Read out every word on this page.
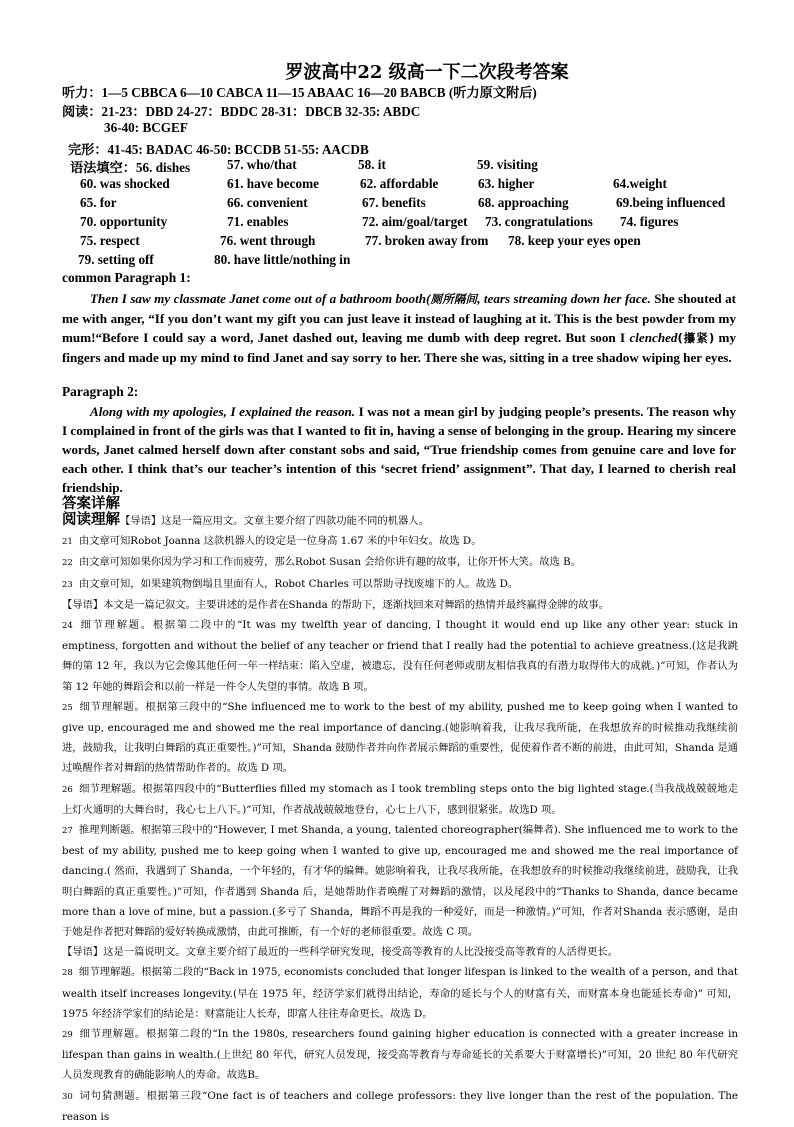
罗波高中22 级高一下二次段考答案
听力：1—5 CBBCA 6—10 CABCA 11—15 ABAAC 16—20 BABCB (听力原文附后)
阅读：21-23：DBD 24-27：BDDC 28-31：DBCB 32-35: ABDC
36-40: BCGEF
完形：41-45: BADAC 46-50: BCCDB 51-55: AACDB
语法填空：56. dishes	57. who/that	58. it	59. visiting
60. was shocked	61. have become	62. affordable	63. higher	64.weight
65. for	66. convenient	67. benefits	68. approaching	69.being influenced
70. opportunity	71. enables	72. aim/goal/target 73. congratulations 74. figures
75. respect	76. went through	77. broken away from 78. keep your eyes open
79. setting off	80. have little/nothing in
common Paragraph 1:

Then I saw my classmate Janet come out of a bathroom booth(厕所隔间, tears streaming down her face. She shouted at me with anger, “If you don’t want my gift you can just leave it instead of laughing at it. This is the best powder from my mum!“Before I could say a word, Janet dashed out, leaving me dumb with deep regret. But soon I clenched(攥紧) my fingers and made up my mind to find Janet and say sorry to her. There she was, sitting in a tree shadow wiping her eyes.

Paragraph 2:

Along with my apologies, I explained the reason. I was not a mean girl by judging people’s presents. The reason why I complained in front of the girls was that I wanted to fit in, having a sense of belonging in the group. Hearing my sincere words, Janet calmed herself down after constant sobs and said, “True friendship comes from genuine care and love for each other. I think that’s our teacher’s intention of this ‘secret friend’ assignment”. That day, I learned to cherish real friendship.

答案详解

阅读理解【导语】这是一篇应用文。文章主要介绍了四款功能不同的机器人。

21 由文章可知Robot Joanna 这款机器人的设定是一位身高 1.67 米的中年妇女。故选 D。

22 由文章可知如果你因为学习和工作而疲劳，那么Robot Susan 会给你讲有趣的故事，让你开怀大笑。故选 B。

23 由文章可知，如果建筑物倒塌且里面有人，Robot Charles 可以帮助寻找废墟下的人。故选 D。

【导语】本文是一篇记叙文。主要讲述的是作者在Shanda 的帮助下，逐渐找回来对舞蹈的热情并最终赢得金牌的故事。

24 细节理解题。根据第二段中的“It was my twelfth year of dancing, I thought it would end up like any other year: stuck in emptiness, forgotten and without the belief of any teacher or friend that I really had the potential to achieve greatness.(这是我跳舞的第 12 年，我以为它会像其他任何一年一样结束：陷入空虚，被遗忘，没有任何老师或朋友相信我真的有潜力取得伟大的成就。)”可知，作者认为第 12 年她的舞蹈会和以前一样是一件令人失望的事情。故选 B 项。

25 细节理解题。根据第三段中的“She influenced me to work to the best of my ability, pushed me to keep going when I wanted to give up, encouraged me and showed me the real importance of dancing.(她影响着我，让我尽我所能，在我想放弃的时候推动我继续前进，鼓励我，让我明白舞蹈的真正重要性。)”可知，Shanda 鼓励作者并向作者展示舞蹈的重要性，促使着作者不断的前进，由此可知，Shanda 是通过唤醒作者对舞蹈的热情帮助作者的。故选 D 项。

26 细节理解题。根据第四段中的“Butterflies filled my stomach as I took trembling steps onto the big lighted stage.(当我战战兢兢地走上灯火通明的大舞台时，我心七上八下。)”可知，作者战战兢兢地登台，心七上八下，感到很紧张。故选D 项。

27 推理判断题。根据第三段中的“However, I met Shanda, a young, talented choreographer(编舞者). She influenced me to work to the best of my ability, pushed me to keep going when I wanted to give up, encouraged me and showed me the real importance of dancing.( 然而，我遇到了 Shanda，一个年轻的，有才华的编舞。她影响着我，让我尽我所能，在我想放弃的时候推动我继续前进，鼓励我，让我明白舞蹈的真正重要性。)”可知，作者遇到 Shanda 后，是她帮助作者唤醒了对舞蹈的激情，以及尾段中的“Thanks to Shanda, dance became more than a love of mine, but a passion.(多亏了 Shanda，舞蹈不再是我的一种爱好，而是一种激情。)”可知，作者对Shanda 表示感谢，是由于她是作者把对舞蹈的爱好转换成激情，由此可推断，有一个好的老师很重要。故选 C 项。

【导语】这是一篇说明文。文章主要介绍了最近的一些科学研究发现，接受高等教育的人比没接受高等教育的人活得更长。

28 细节理解题。根据第二段的“Back in 1975, economists concluded that longer lifespan is linked to the wealth of a person, and that wealth itself increases longevity.(早在 1975 年，经济学家们就得出结论，寿命的延长与个人的财富有关，而财富本身也能延长寿命)” 可知，1975 年经济学家们的结论是：财富能让人长寿，即富人往往寿命更长。故选 D。

29 细节理解题。根据第二段的“In the 1980s, researchers found gaining higher education is connected with a greater increase in lifespan than gains in wealth.(上世纪 80 年代，研究人员发现，接受高等教育与寿命延长的关系要大于财富增长)”可知，20 世纪 80 年代研究人员发现教育的确能影响人的寿命。故选B。

30 词句猜测题。根据第三段“One fact is of teachers and college professors: they live longer than the rest of the population. The reason is
